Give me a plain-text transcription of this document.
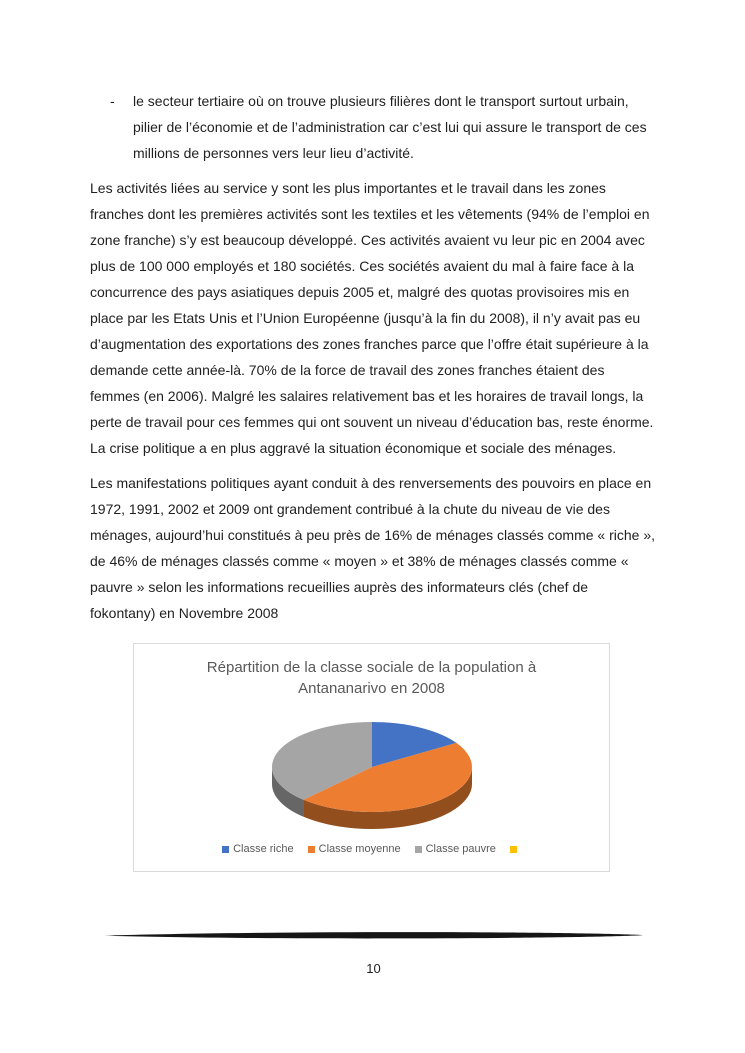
-	le secteur tertiaire où on trouve plusieurs filières dont le transport surtout urbain, pilier de l’économie et de l’administration car c’est lui qui assure le transport de ces millions de personnes vers leur lieu d’activité.

Les activités liées au service y sont les plus importantes et le travail dans les zones franches dont les premières activités sont les textiles et les vêtements (94% de l’emploi en zone franche) s’y est beaucoup développé. Ces activités avaient vu leur pic en 2004 avec plus de 100 000 employés et 180 sociétés. Ces sociétés avaient du mal à faire face à la concurrence des pays asiatiques depuis 2005 et, malgré des quotas provisoires mis en place par les Etats Unis et l’Union Européenne (jusqu’à la fin du 2008), il n’y avait pas eu d’augmentation des exportations des zones franches parce que l’offre était supérieure à la demande cette année-là. 70% de la force de travail des zones franches étaient des femmes (en 2006). Malgré les salaires relativement bas et les horaires de travail longs, la perte de travail pour ces femmes qui ont souvent un niveau d’éducation bas, reste énorme. La crise politique a en plus aggravé la situation économique et sociale des ménages.

Les manifestations politiques ayant conduit à des renversements des pouvoirs en place en 1972, 1991, 2002 et 2009 ont grandement contribué à la chute du niveau de vie des ménages, aujourd’hui constitués à peu près de 16% de ménages classés comme « riche », de 46% de ménages classés comme « moyen » et 38% de ménages classés comme « pauvre » selon les informations recueillies auprès des informateurs clés (chef de fokontany) en Novembre 2008

Répartition de la classe sociale de la population à
Antananarivo en 2008
Classe riche Classe moyenne Classe pauvre
10
